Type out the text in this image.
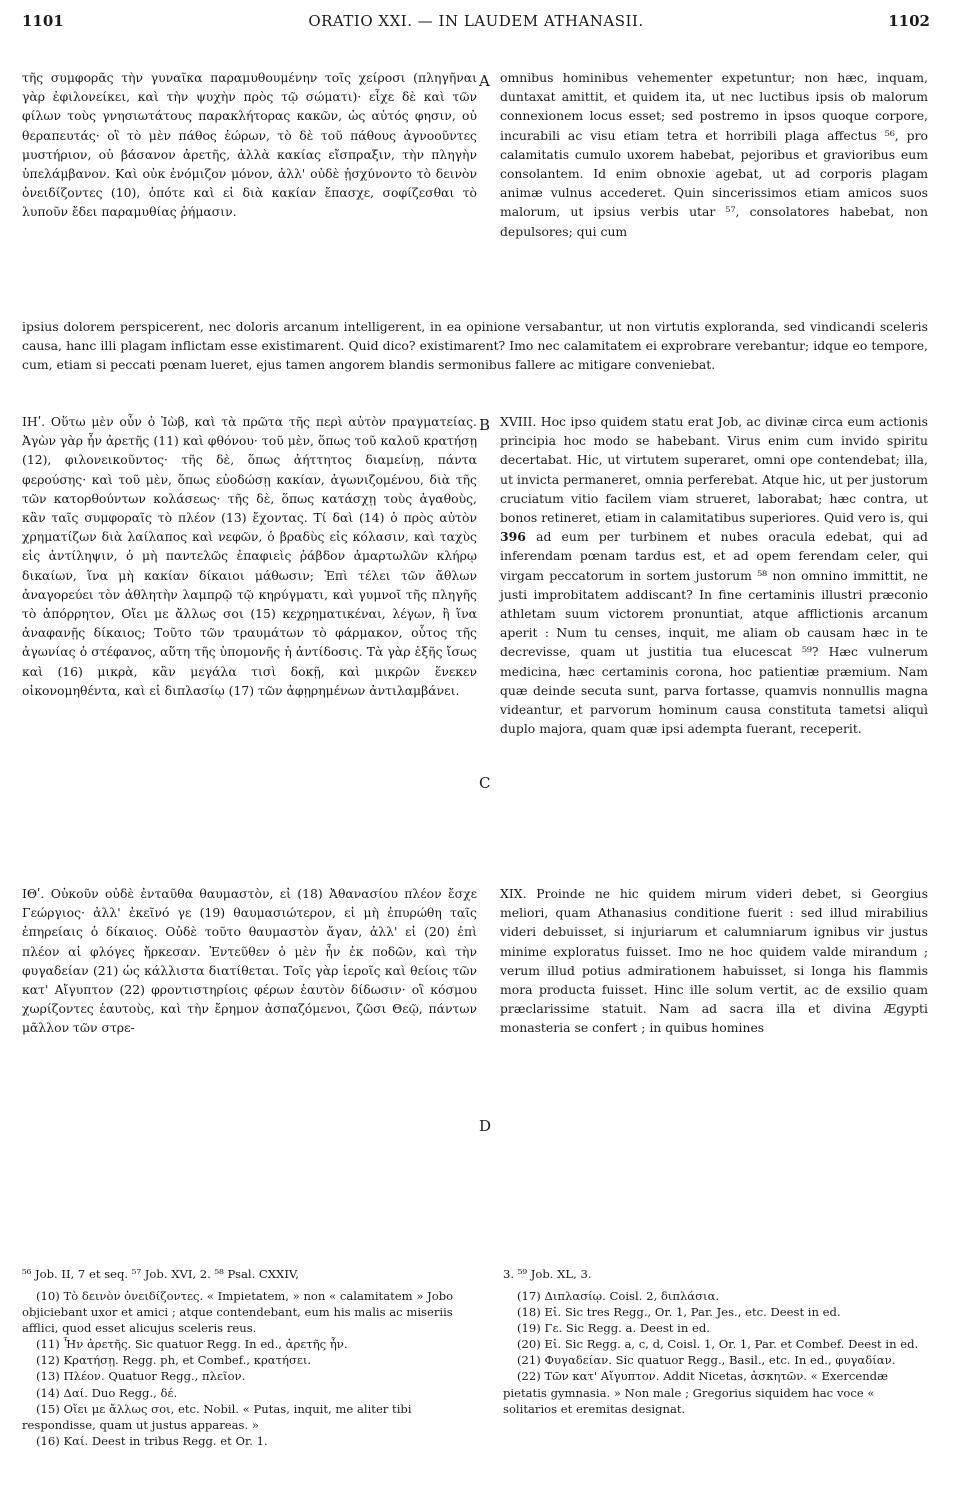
1101	ORATIO XXI. — IN LAUDEM ATHANASII.	1102

τῆς συμφορᾶς τὴν γυναῖκα παραμυθουμένην τοῖς χείροσι (πληγῆναι γὰρ ἐφιλονείκει, καὶ τὴν ψυχὴν πρὸς τῷ σώματι)· εἶχε δὲ καὶ τῶν φίλων τοὺς γνησιωτάτους παρακλήτορας κακῶν, ὡς αὐτός φησιν, οὐ θεραπευτάς· οἳ τὸ μὲν πάθος ἑώρων, τὸ δὲ τοῦ πάθους ἀγνοοῦντες μυστήριον, οὐ βάσανον ἀρετῆς, ἀλλὰ κακίας εἴσπραξιν, τὴν πληγὴν ὑπελάμβανον. Καὶ οὐκ ἐνόμιζον μόνον, ἀλλ' οὐδὲ ᾐσχύνοντο τὸ δεινὸν ὀνειδίζοντες (10), ὁπότε καὶ εἰ διὰ κακίαν ἔπασχε, σοφίζεσθαι τὸ λυποῦν ἔδει παραμυθίας ῥήμασιν.

omnibus hominibus vehementer expetuntur; non hæc, inquam, duntaxat amittit, et quidem ita, ut nec luctibus ipsis ob malorum connexionem locus esset; sed postremo in ipsos quoque corpore, incurabili ac visu etiam tetra et horribili plaga affectus ⁵⁶, pro calamitatis cumulo uxorem habebat, pejoribus et gravioribus eum consolantem. Id enim obnoxie agebat, ut ad corporis plagam animæ vulnus accederet. Quin sincerissimos etiam amicos suos malorum, ut ipsius verbis utar ⁵⁷, consolatores habebat, non depulsores; qui cum

A

ipsius dolorem perspicerent, nec doloris arcanum intelligerent, in ea opinione versabantur, ut non virtutis exploranda, sed vindicandi sceleris causa, hanc illi plagam inflictam esse existimarent. Quid dico? existimarent? Imo nec calamitatem ei exprobrare verebantur; idque eo tempore, cum, etiam si peccati pœnam lueret, ejus tamen angorem blandis sermonibus fallere ac mitigare conveniebat.

ΙΗʹ. Οὕτω μὲν οὖν ὁ Ἰὼβ, καὶ τὰ πρῶτα τῆς περὶ αὐτὸν πραγματείας. Ἀγὼν γὰρ ἦν ἀρετῆς (11) καὶ φθόνου· τοῦ μὲν, ὅπως τοῦ καλοῦ κρατήσῃ (12), φιλονεικοῦντος· τῆς δὲ, ὅπως ἀήττητος διαμείνῃ, πάντα φερούσης· καὶ τοῦ μὲν, ὅπως εὐοδώσῃ κακίαν, ἀγωνιζομένου, διὰ τῆς τῶν κατορθούντων κολάσεως· τῆς δὲ, ὅπως κατάσχῃ τοὺς ἀγαθοὺς, κἂν ταῖς συμφοραῖς τὸ πλέον (13) ἔχοντας. Τί δαὶ (14) ὁ πρὸς αὐτὸν χρηματίζων διὰ λαίλαπος καὶ νεφῶν, ὁ βραδὺς εἰς κόλασιν, καὶ ταχὺς εἰς ἀντίληψιν, ὁ μὴ παντελῶς ἐπαφιεὶς ῥάβδον ἁμαρτωλῶν κλήρῳ δικαίων, ἵνα μὴ κακίαν δίκαιοι μάθωσιν; Ἐπὶ τέλει τῶν ἄθλων ἀναγορεύει τὸν ἀθλητὴν λαμπρῷ τῷ κηρύγματι, καὶ γυμνοῖ τῆς πληγῆς τὸ ἀπόρρητον, Οἴει με ἄλλως σοι (15) κεχρηματικέναι, λέγων, ἢ ἵνα ἀναφανῇς δίκαιος; Τοῦτο τῶν τραυμάτων τὸ φάρμακον, οὗτος τῆς ἀγωνίας ὁ στέφανος, αὕτη τῆς ὑπομονῆς ἡ ἀντίδοσις. Τὰ γὰρ ἑξῆς ἴσως καὶ (16) μικρὰ, κἂν μεγάλα τισὶ δοκῇ, καὶ μικρῶν ἕνεκεν οἰκονομηθέντα, καὶ εἰ διπλασίῳ (17) τῶν ἀφῃρημένων ἀντιλαμβάνει.

XVIII. Hoc ipso quidem statu erat Job, ac divinæ circa eum actionis principia hoc modo se habebant. Virus enim cum invido spiritu decertabat. Hic, ut virtutem superaret, omni ope contendebat; illa, ut invicta permaneret, omnia perferebat. Atque hic, ut per justorum cruciatum vitio facilem viam strueret, laborabat; hæc contra, ut bonos retineret, etiam in calamitatibus superiores. Quid vero is, qui 396 ad eum per turbinem et nubes oracula edebat, qui ad inferendam pœnam tardus est, et ad opem ferendam celer, qui virgam peccatorum in sortem justorum ⁵⁸ non omnino immittit, ne justi improbitatem addiscant? In fine certaminis illustri præconio athletam suum victorem pronuntiat, atque afflictionis arcanum aperit : Num tu censes, inquit, me aliam ob causam hæc in te decrevisse, quam ut justitia tua elucescat ⁵⁹? Hæc vulnerum medicina, hæc certaminis corona, hoc patientiæ præmium. Nam quæ deinde secuta sunt, parva fortasse, quamvis nonnullis magna videantur, et parvorum hominum causa constituta tametsi aliquì duplo majora, quam quæ ipsi adempta fuerant, receperit.

B
C

ΙΘʹ. Οὐκοῦν οὐδὲ ἐνταῦθα θαυμαστὸν, εἰ (18) Ἀθανασίου πλέον ἔσχε Γεώργιος· ἀλλ' ἐκεῖνό γε (19) θαυμασιώτερον, εἰ μὴ ἐπυρώθη ταῖς ἐπηρείαις ὁ δίκαιος. Οὐδὲ τοῦτο θαυμαστὸν ἄγαν, ἀλλ' εἰ (20) ἐπὶ πλέον αἱ φλόγες ἤρκεσαν. Ἐντεῦθεν ὁ μὲν ἦν ἐκ ποδῶν, καὶ τὴν φυγαδείαν (21) ὡς κάλλιστα διατίθεται. Τοῖς γὰρ ἱεροῖς καὶ θείοις τῶν κατ' Αἴγυπτον (22) φροντιστηρίοις φέρων ἑαυτὸν δίδωσιν· οἳ κόσμου χωρίζοντες ἑαυτοὺς, καὶ τὴν ἔρημον ἀσπαζόμενοι, ζῶσι Θεῷ, πάντων μᾶλλον τῶν στρε-

XIX. Proinde ne hic quidem mirum videri debet, si Georgius meliori, quam Athanasius conditione fuerit : sed illud mirabilius videri debuisset, si injuriarum et calumniarum ignibus vir justus minime exploratus fuisset. Imo ne hoc quidem valde mirandum ; verum illud potius admirationem habuisset, si longa his flammis mora producta fuisset. Hinc ille solum vertit, ac de exsilio quam præclarissime statuit. Nam ad sacra illa et divina Ægypti monasteria se confert ; in quibus homines

D
⁵⁶ Job. II, 7 et seq. ⁵⁷ Job. XVI, 2. ⁵⁸ Psal. CXXIV,	3. ⁵⁹ Job. XL, 3.
(10) Τὸ δεινὸν ὀνειδίζοντες. « Impietatem, » non « calamitatem » Jobo objiciebant uxor et amici ; atque contendebant, eum his malis ac miseriis afflici, quod esset alicujus sceleris reus.
(11) Ἦν ἀρετῆς. Sic quatuor Regg. In ed., ἀρετῆς ἦν.
(12) Κρατήσῃ. Regg. ph, et Combef., κρατήσει.
(13) Πλέον. Quatuor Regg., πλεῖον.
(14) Δαί. Duo Regg., δέ.
(15) Οἴει με ἄλλως σοι, etc. Nobil. « Putas, inquit, me aliter tibi respondisse, quam ut justus appareas. »
(16) Καί. Deest in tribus Regg. et Or. 1.
(17) Διπλασίῳ. Coisl. 2, διπλάσια.
(18) Εἰ. Sic tres Regg., Or. 1, Par. Jes., etc. Deest in ed.
(19) Γε. Sic Regg. a. Deest in ed.
(20) Εἰ. Sic Regg. a, c, d, Coisl. 1, Or. 1, Par. et Combef. Deest in ed.
(21) Φυγαδείαν. Sic quatuor Regg., Basil., etc. In ed., φυγαδίαν.
(22) Τῶν κατ' Αἴγυπτον. Addit Nicetas, ἀσκητῶν. « Exercendæ pietatis gymnasia. » Non male ; Gregorius siquidem hac voce « solitarios et eremitas designat.
